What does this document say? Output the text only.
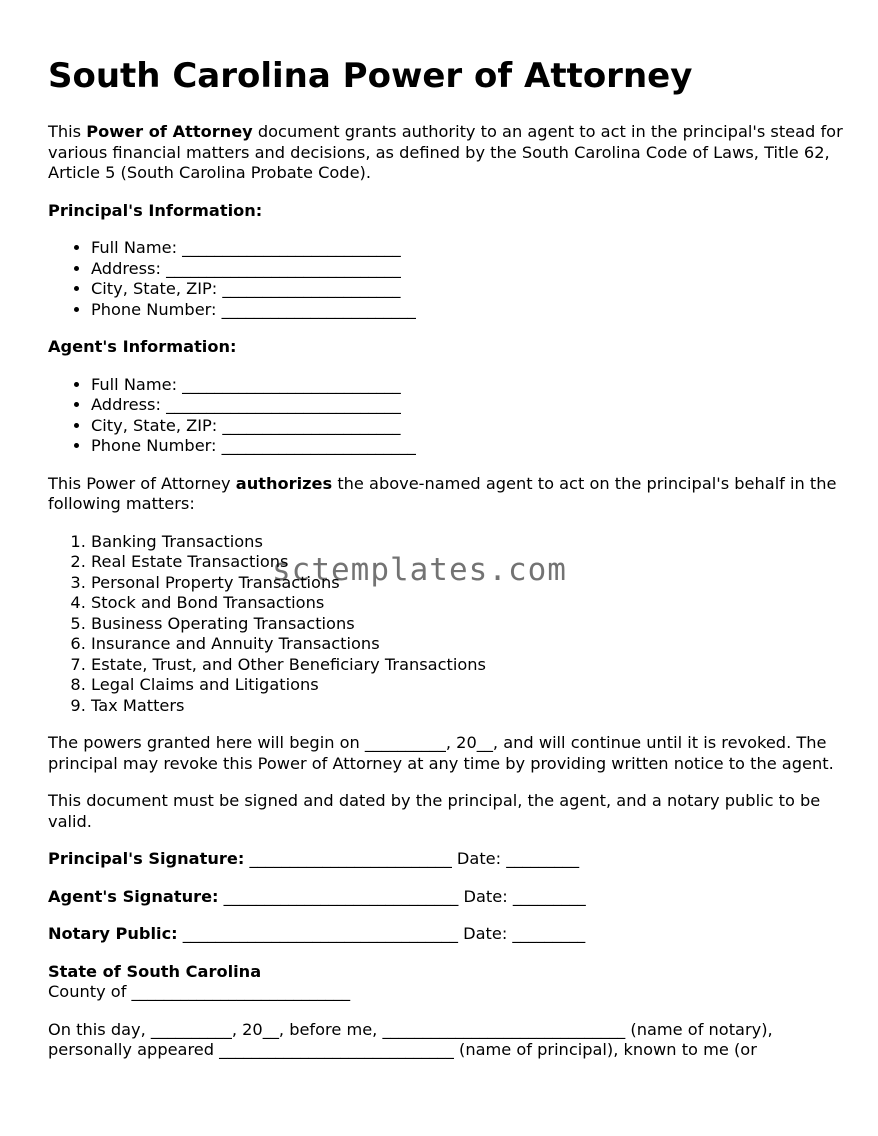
South Carolina Power of Attorney

This Power of Attorney document grants authority to an agent to act in the principal's stead for various financial matters and decisions, as defined by the South Carolina Code of Laws, Title 62, Article 5 (South Carolina Probate Code).

Principal's Information:

• Full Name: ___________________________
• Address: _____________________________
• City, State, ZIP: ______________________
• Phone Number: ________________________

Agent's Information:

• Full Name: ___________________________
• Address: _____________________________
• City, State, ZIP: ______________________
• Phone Number: ________________________

This Power of Attorney authorizes the above-named agent to act on the principal's behalf in the following matters:

1. Banking Transactions
2. Real Estate Transactions
3. Personal Property Transactions
4. Stock and Bond Transactions
5. Business Operating Transactions
6. Insurance and Annuity Transactions
7. Estate, Trust, and Other Beneficiary Transactions
8. Legal Claims and Litigations
9. Tax Matters

The powers granted here will begin on __________, 20__, and will continue until it is revoked. The principal may revoke this Power of Attorney at any time by providing written notice to the agent.

This document must be signed and dated by the principal, the agent, and a notary public to be valid.

Principal's Signature: _________________________ Date: _________

Agent's Signature: _____________________________ Date: _________

Notary Public: __________________________________ Date: _________

State of South Carolina
County of ___________________________

On this day, __________, 20__, before me, ______________________________ (name of notary), personally appeared _____________________________ (name of principal), known to me (or

sctemplates.com
